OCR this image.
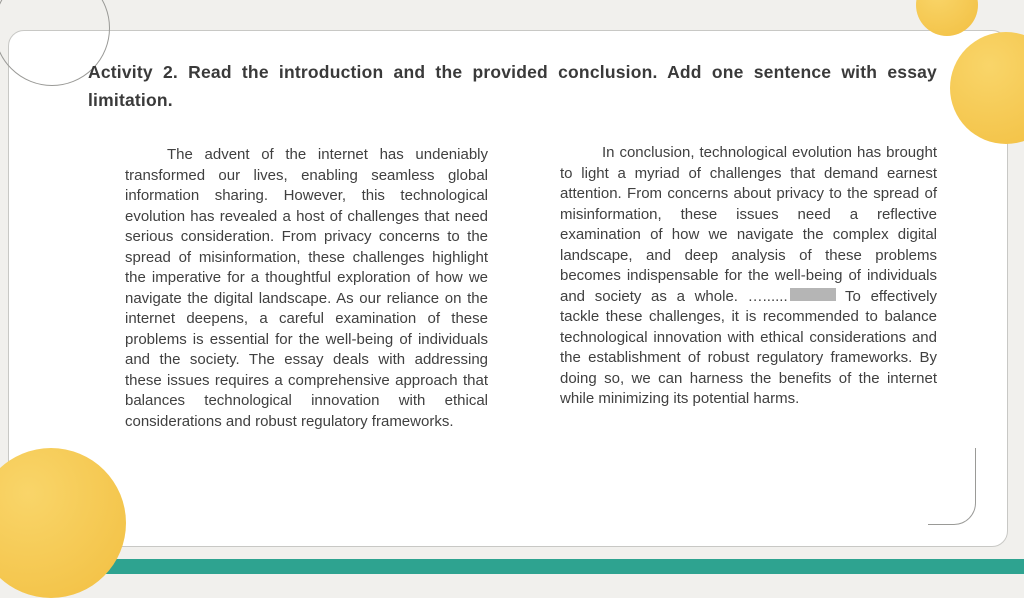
Activity 2. Read the introduction and the provided conclusion. Add one sentence with essay limitation.

The advent of the internet has undeniably transformed our lives, enabling seamless global information sharing. However, this technological evolution has revealed a host of challenges that need serious consideration. From privacy concerns to the spread of misinformation, these challenges highlight the imperative for a thoughtful exploration of how we navigate the digital landscape. As our reliance on the internet deepens, a careful examination of these problems is essential for the well-being of individuals and the society. The essay deals with addressing these issues requires a comprehensive approach that balances technological innovation with ethical considerations and robust regulatory frameworks.

In conclusion, technological evolution has brought to light a myriad of challenges that demand earnest attention. From concerns about privacy to the spread of misinformation, these issues need a reflective examination of how we navigate the complex digital landscape, and deep analysis of these problems becomes indispensable for the well-being of individuals and society as a whole. …......	To effectively tackle these challenges, it is recommended to balance technological innovation with ethical considerations and the establishment of robust regulatory frameworks. By doing so, we can harness the benefits of the internet while minimizing its potential harms.
